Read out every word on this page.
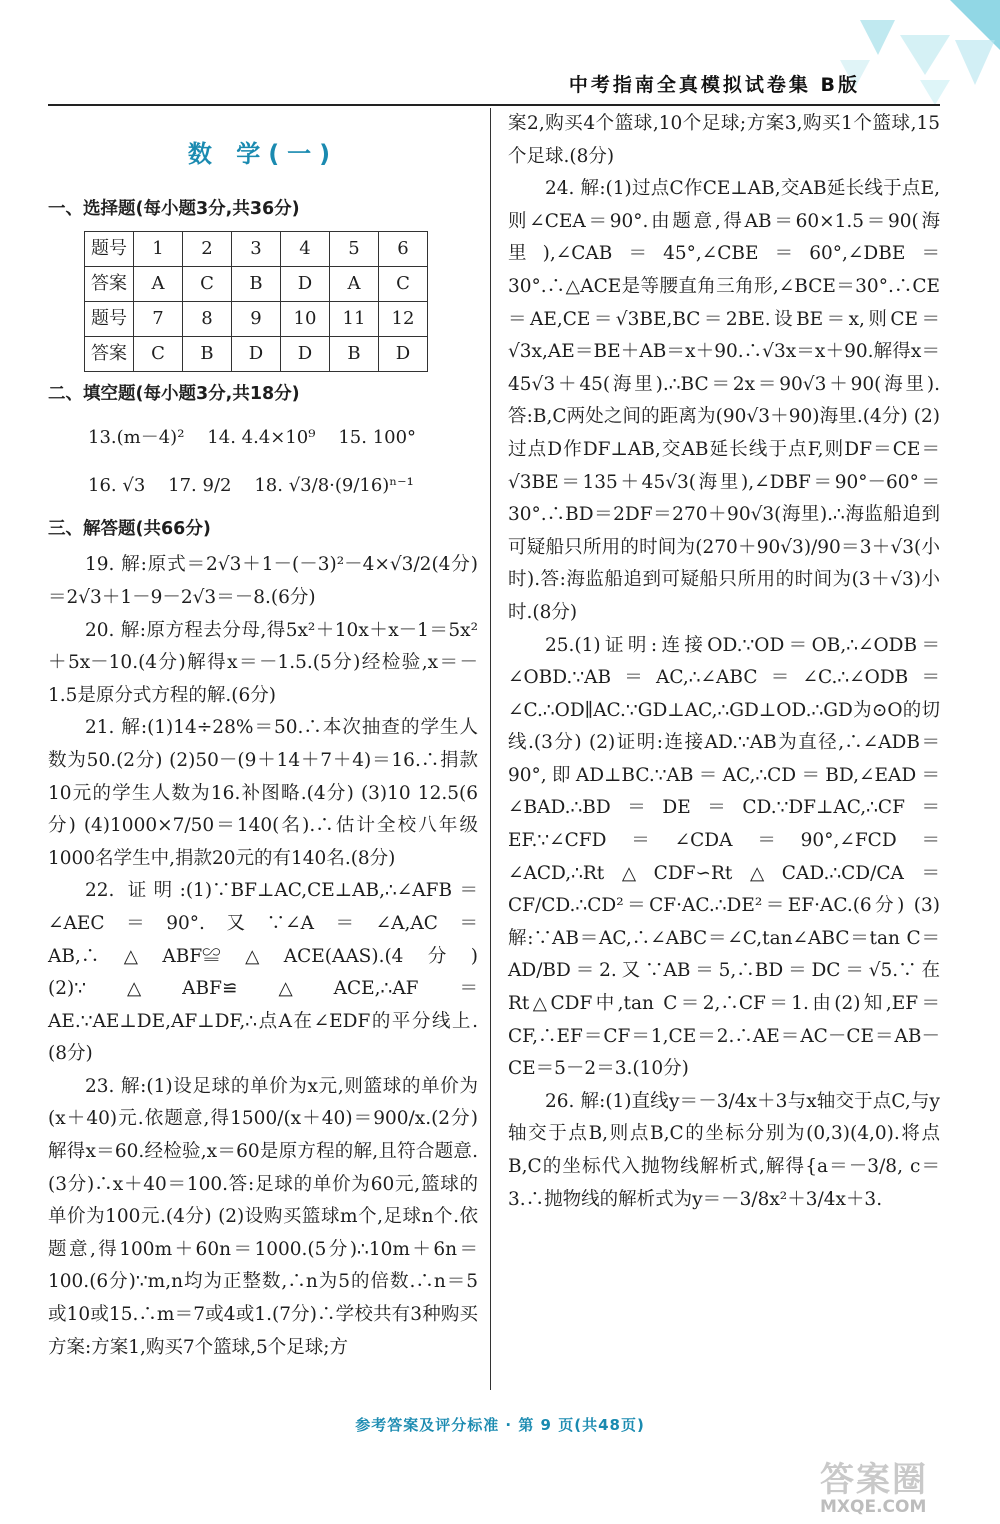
中考指南全真模拟试卷集 B版
数 学(一)
一、选择题(每小题3分,共36分)
题号	1	2	3	4	5	6
答案	A	C	B	D	A	C
题号	7	8	9	10	11	12
答案	C	B	D	D	B	D
二、填空题(每小题3分,共18分)
13.(m－4)²    14. 4.4×10⁹    15. 100°
16. √3    17. 9/2    18. √3/8·(9/16)ⁿ⁻¹
三、解答题(共66分)

19. 解:原式＝2√3＋1－(－3)²－4×√3/2(4分)＝2√3＋1－9－2√3＝－8.(6分)

20. 解:原方程去分母,得5x²＋10x＋x－1＝5x²＋5x－10.(4分)解得x＝－1.5.(5分)经检验,x＝－1.5是原分式方程的解.(6分)

21. 解:(1)14÷28%＝50.∴本次抽查的学生人数为50.(2分) (2)50－(9＋14＋7＋4)＝16.∴捐款10元的学生人数为16.补图略.(4分) (3)10 12.5(6分) (4)1000×7/50＝140(名).∴估计全校八年级1000名学生中,捐款20元的有140名.(8分)

22. 证明:(1)∵BF⊥AC,CE⊥AB,∴∠AFB＝∠AEC＝90°.又∵∠A＝∠A,AC＝AB,∴△ABF≌△ACE(AAS).(4分) (2)∵△ABF≌△ACE,∴AF＝AE.∵AE⊥DE,AF⊥DF,∴点A在∠EDF的平分线上.(8分)

23. 解:(1)设足球的单价为x元,则篮球的单价为(x＋40)元.依题意,得1500/(x＋40)＝900/x.(2分)解得x＝60.经检验,x＝60是原方程的解,且符合题意.(3分)∴x＋40＝100.答:足球的单价为60元,篮球的单价为100元.(4分) (2)设购买篮球m个,足球n个.依题意,得100m＋60n＝1000.(5分)∴10m＋6n＝100.(6分)∵m,n均为正整数,∴n为5的倍数.∴n＝5或10或15.∴m＝7或4或1.(7分)∴学校共有3种购买方案:方案1,购买7个篮球,5个足球;方

案2,购买4个篮球,10个足球;方案3,购买1个篮球,15个足球.(8分)

24. 解:(1)过点C作CE⊥AB,交AB延长线于点E,则∠CEA＝90°.由题意,得AB＝60×1.5＝90(海里),∠CAB＝45°,∠CBE＝60°,∠DBE＝30°.∴△ACE是等腰直角三角形,∠BCE＝30°.∴CE＝AE,CE＝√3BE,BC＝2BE.设BE＝x,则CE＝√3x,AE＝BE＋AB＝x＋90.∴√3x＝x＋90.解得x＝45√3＋45(海里).∴BC＝2x＝90√3＋90(海里).答:B,C两处之间的距离为(90√3＋90)海里.(4分) (2)过点D作DF⊥AB,交AB延长线于点F,则DF＝CE＝√3BE＝135＋45√3(海里),∠DBF＝90°－60°＝30°.∴BD＝2DF＝270＋90√3(海里).∴海监船追到可疑船只所用的时间为(270＋90√3)/90＝3＋√3(小时).答:海监船追到可疑船只所用的时间为(3＋√3)小时.(8分)

25.(1)证明:连接OD.∵OD＝OB,∴∠ODB＝∠OBD.∵AB＝AC,∴∠ABC＝∠C.∴∠ODB＝∠C.∴OD∥AC.∵GD⊥AC,∴GD⊥OD.∴GD为⊙O的切线.(3分) (2)证明:连接AD.∵AB为直径,∴∠ADB＝90°,即AD⊥BC.∵AB＝AC,∴CD＝BD,∠EAD＝∠BAD.∴BD＝DE＝CD.∵DF⊥AC,∴CF＝EF.∵∠CFD＝∠CDA＝90°,∠FCD＝∠ACD,∴Rt△CDF∽Rt△CAD.∴CD/CA＝CF/CD.∴CD²＝CF·AC.∴DE²＝EF·AC.(6分) (3)解:∵AB＝AC,∴∠ABC＝∠C,tan∠ABC＝tan C＝AD/BD＝2.又∵AB＝5,∴BD＝DC＝√5.∵在Rt△CDF中,tan C＝2,∴CF＝1.由(2)知,EF＝CF,∴EF＝CF＝1,CE＝2.∴AE＝AC－CE＝AB－CE＝5－2＝3.(10分)

26. 解:(1)直线y＝－3/4x＋3与x轴交于点C,与y轴交于点B,则点B,C的坐标分别为(0,3)(4,0).将点B,C的坐标代入抛物线解析式,解得{a＝－3/8, c＝3.∴抛物线的解析式为y＝－3/8x²＋3/4x＋3.

参考答案及评分标准 · 第 9 页(共48页)
答案圈
MXQE.COM
